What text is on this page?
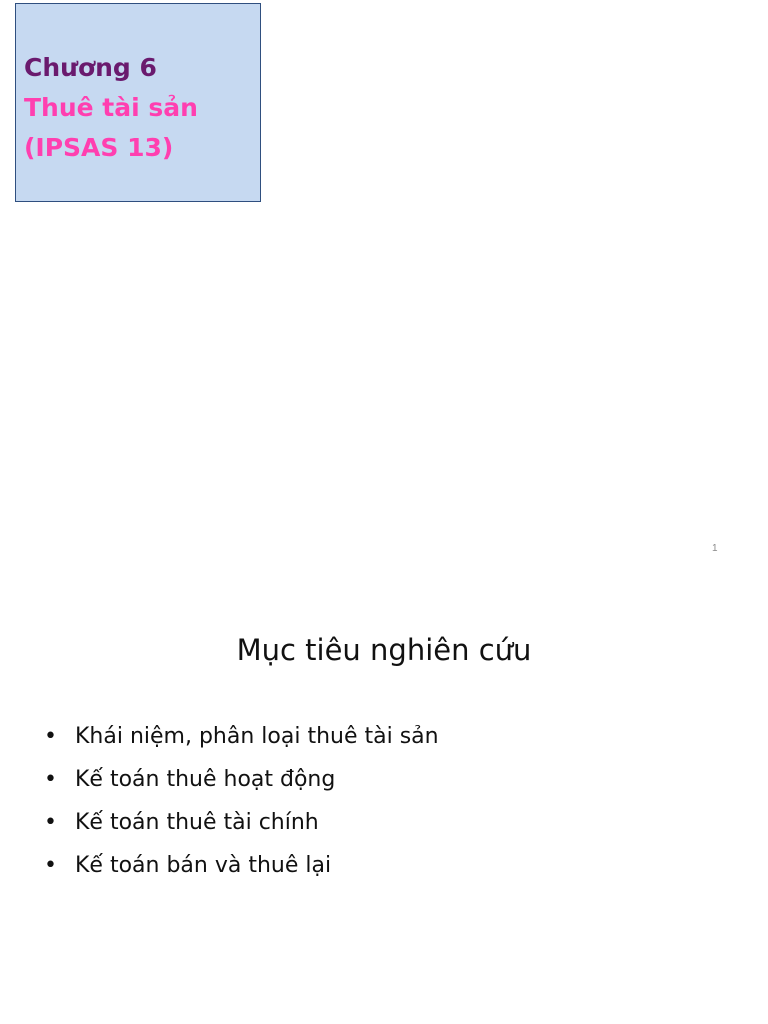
Chương 6
Thuê tài sản
(IPSAS 13)
1
Mục tiêu nghiên cứu
• Khái niệm, phân loại thuê tài sản
• Kế toán thuê hoạt động
• Kế toán thuê tài chính
• Kế toán bán và thuê lại
